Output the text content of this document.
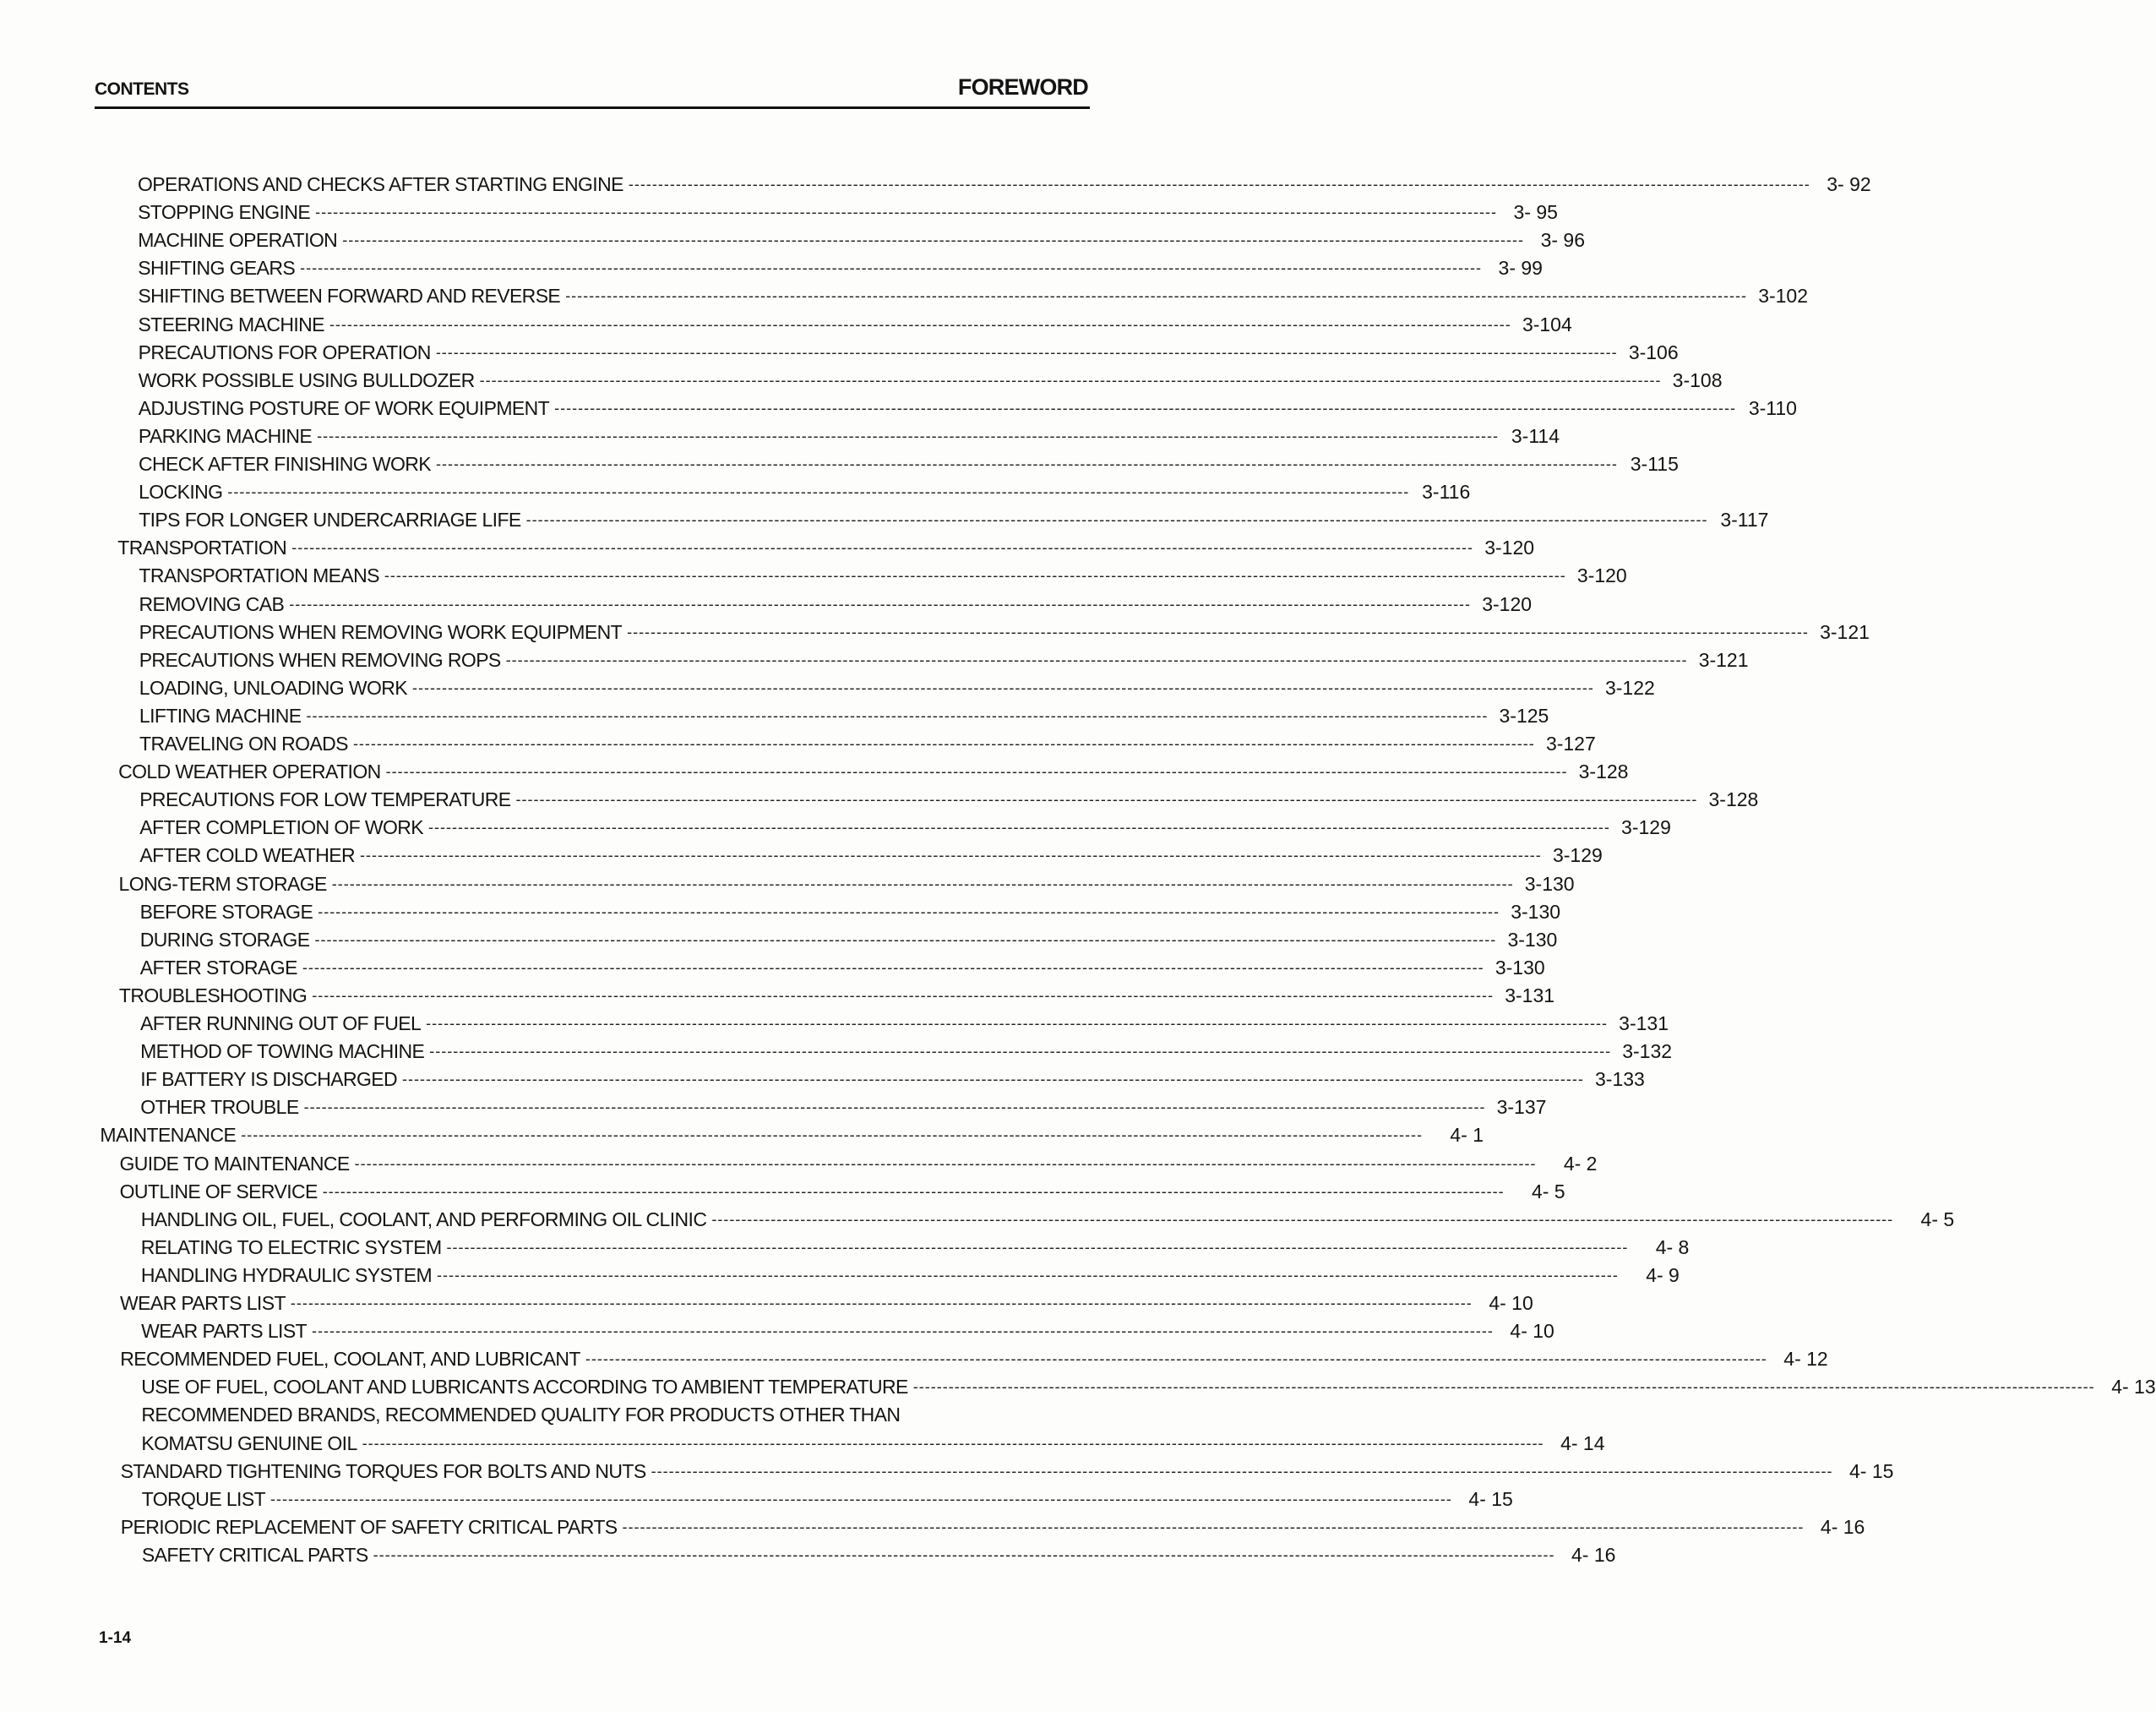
CONTENTS	FOREWORD
OPERATIONS AND CHECKS AFTER STARTING ENGINE -------------------------------------------------------------------------------------------------------------------------------------------------------------------------------------------------------- 3- 92
STOPPING ENGINE -------------------------------------------------------------------------------------------------------------------------------------------------------------------------------------------------------- 3- 95
MACHINE OPERATION -------------------------------------------------------------------------------------------------------------------------------------------------------------------------------------------------------- 3- 96
SHIFTING GEARS -------------------------------------------------------------------------------------------------------------------------------------------------------------------------------------------------------- 3- 99
SHIFTING BETWEEN FORWARD AND REVERSE -------------------------------------------------------------------------------------------------------------------------------------------------------------------------------------------------------- 3-102
STEERING MACHINE -------------------------------------------------------------------------------------------------------------------------------------------------------------------------------------------------------- 3-104
PRECAUTIONS FOR OPERATION -------------------------------------------------------------------------------------------------------------------------------------------------------------------------------------------------------- 3-106
WORK POSSIBLE USING BULLDOZER -------------------------------------------------------------------------------------------------------------------------------------------------------------------------------------------------------- 3-108
ADJUSTING POSTURE OF WORK EQUIPMENT -------------------------------------------------------------------------------------------------------------------------------------------------------------------------------------------------------- 3-110
PARKING MACHINE -------------------------------------------------------------------------------------------------------------------------------------------------------------------------------------------------------- 3-114
CHECK AFTER FINISHING WORK -------------------------------------------------------------------------------------------------------------------------------------------------------------------------------------------------------- 3-115
LOCKING -------------------------------------------------------------------------------------------------------------------------------------------------------------------------------------------------------- 3-116
TIPS FOR LONGER UNDERCARRIAGE LIFE -------------------------------------------------------------------------------------------------------------------------------------------------------------------------------------------------------- 3-117
TRANSPORTATION -------------------------------------------------------------------------------------------------------------------------------------------------------------------------------------------------------- 3-120
TRANSPORTATION MEANS -------------------------------------------------------------------------------------------------------------------------------------------------------------------------------------------------------- 3-120
REMOVING CAB -------------------------------------------------------------------------------------------------------------------------------------------------------------------------------------------------------- 3-120
PRECAUTIONS WHEN REMOVING WORK EQUIPMENT -------------------------------------------------------------------------------------------------------------------------------------------------------------------------------------------------------- 3-121
PRECAUTIONS WHEN REMOVING ROPS -------------------------------------------------------------------------------------------------------------------------------------------------------------------------------------------------------- 3-121
LOADING, UNLOADING WORK -------------------------------------------------------------------------------------------------------------------------------------------------------------------------------------------------------- 3-122
LIFTING MACHINE -------------------------------------------------------------------------------------------------------------------------------------------------------------------------------------------------------- 3-125
TRAVELING ON ROADS -------------------------------------------------------------------------------------------------------------------------------------------------------------------------------------------------------- 3-127
COLD WEATHER OPERATION -------------------------------------------------------------------------------------------------------------------------------------------------------------------------------------------------------- 3-128
PRECAUTIONS FOR LOW TEMPERATURE -------------------------------------------------------------------------------------------------------------------------------------------------------------------------------------------------------- 3-128
AFTER COMPLETION OF WORK -------------------------------------------------------------------------------------------------------------------------------------------------------------------------------------------------------- 3-129
AFTER COLD WEATHER -------------------------------------------------------------------------------------------------------------------------------------------------------------------------------------------------------- 3-129
LONG-TERM STORAGE -------------------------------------------------------------------------------------------------------------------------------------------------------------------------------------------------------- 3-130
BEFORE STORAGE -------------------------------------------------------------------------------------------------------------------------------------------------------------------------------------------------------- 3-130
DURING STORAGE -------------------------------------------------------------------------------------------------------------------------------------------------------------------------------------------------------- 3-130
AFTER STORAGE -------------------------------------------------------------------------------------------------------------------------------------------------------------------------------------------------------- 3-130
TROUBLESHOOTING -------------------------------------------------------------------------------------------------------------------------------------------------------------------------------------------------------- 3-131
AFTER RUNNING OUT OF FUEL -------------------------------------------------------------------------------------------------------------------------------------------------------------------------------------------------------- 3-131
METHOD OF TOWING MACHINE -------------------------------------------------------------------------------------------------------------------------------------------------------------------------------------------------------- 3-132
IF BATTERY IS DISCHARGED -------------------------------------------------------------------------------------------------------------------------------------------------------------------------------------------------------- 3-133
OTHER TROUBLE -------------------------------------------------------------------------------------------------------------------------------------------------------------------------------------------------------- 3-137
MAINTENANCE --------------------------------------------------------------------------------------------------------------------------------------------------------------------------------------------------------	4- 1
GUIDE TO MAINTENANCE --------------------------------------------------------------------------------------------------------------------------------------------------------------------------------------------------------	4- 2
OUTLINE OF SERVICE --------------------------------------------------------------------------------------------------------------------------------------------------------------------------------------------------------	4- 5
HANDLING OIL, FUEL, COOLANT, AND PERFORMING OIL CLINIC --------------------------------------------------------------------------------------------------------------------------------------------------------------------------------------------------------	4- 5
RELATING TO ELECTRIC SYSTEM --------------------------------------------------------------------------------------------------------------------------------------------------------------------------------------------------------	4- 8
HANDLING HYDRAULIC SYSTEM --------------------------------------------------------------------------------------------------------------------------------------------------------------------------------------------------------	4- 9
WEAR PARTS LIST -------------------------------------------------------------------------------------------------------------------------------------------------------------------------------------------------------- 4- 10
WEAR PARTS LIST -------------------------------------------------------------------------------------------------------------------------------------------------------------------------------------------------------- 4- 10
RECOMMENDED FUEL, COOLANT, AND LUBRICANT -------------------------------------------------------------------------------------------------------------------------------------------------------------------------------------------------------- 4- 12
USE OF FUEL, COOLANT AND LUBRICANTS ACCORDING TO AMBIENT TEMPERATURE -------------------------------------------------------------------------------------------------------------------------------------------------------------------------------------------------------- 4- 13
RECOMMENDED BRANDS, RECOMMENDED QUALITY FOR PRODUCTS OTHER THAN
KOMATSU GENUINE OIL -------------------------------------------------------------------------------------------------------------------------------------------------------------------------------------------------------- 4- 14
STANDARD TIGHTENING TORQUES FOR BOLTS AND NUTS -------------------------------------------------------------------------------------------------------------------------------------------------------------------------------------------------------- 4- 15
TORQUE LIST -------------------------------------------------------------------------------------------------------------------------------------------------------------------------------------------------------- 4- 15
PERIODIC REPLACEMENT OF SAFETY CRITICAL PARTS -------------------------------------------------------------------------------------------------------------------------------------------------------------------------------------------------------- 4- 16
SAFETY CRITICAL PARTS -------------------------------------------------------------------------------------------------------------------------------------------------------------------------------------------------------- 4- 16
1-14
